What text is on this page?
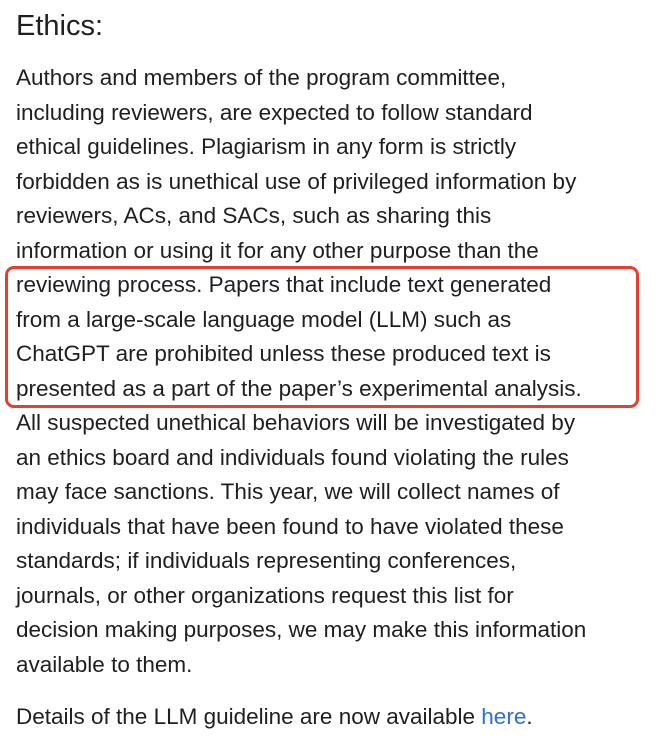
Ethics:

Authors and members of the program committee,

including reviewers, are expected to follow standard

ethical guidelines. Plagiarism in any form is strictly

forbidden as is unethical use of privileged information by

reviewers, ACs, and SACs, such as sharing this

information or using it for any other purpose than the

reviewing process. Papers that include text generated

from a large-scale language model (LLM) such as

ChatGPT are prohibited unless these produced text is

presented as a part of the paper’s experimental analysis.

All suspected unethical behaviors will be investigated by

an ethics board and individuals found violating the rules

may face sanctions. This year, we will collect names of

individuals that have been found to have violated these

standards; if individuals representing conferences,

journals, or other organizations request this list for

decision making purposes, we may make this information

available to them.

Details of the LLM guideline are now available here.
